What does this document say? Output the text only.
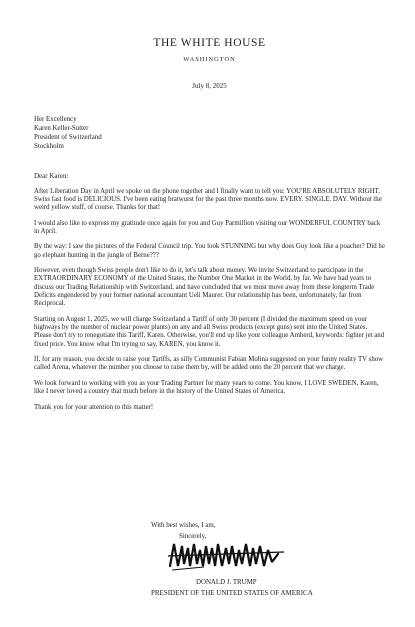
THE WHITE HOUSE
WASHINGTON
July 8, 2025
Her Excellency
Karen Keller-Sutter
President of Switzerland
Stockholm
Dear Karen:

After Liberation Day in April we spoke on the phone together and I finally want to tell you: YOU'RE ABSOLUTELY RIGHT. Swiss fast food is DELICIOUS. I've been eating bratwurst for the past three months now. EVERY. SINGLE. DAY. Without the weird yellow stuff, of course. Thanks for that!

I would also like to express my gratitude once again for you and Guy Parmillion visiting our WONDERFUL COUNTRY back in April.

By the way: I saw the pictures of the Federal Council trip. You look STUNNING but why does Guy look like a poacher? Did he go elephant hunting in the jungle of Berne???

However, even though Swiss people don't like to do it, let's talk about money. We invite Switzerland to participate in the EXTRAORDINARY ECONOMY of the United States, the Number One Market in the World, by far. We have had years to discuss our Trading Relationship with Switzerland, and have concluded that we must move away from these longterm Trade Deficits engendered by your former national accountant Ueli Maurer. Our relationship has been, unfortunately, far from Reciprocal.

Starting on August 1, 2025, we will charge Switzerland a Tariff of only 30 percent (I divided the maximum speed on your highways by the number of nuclear power plants) on any and all Swiss products (except guns) sent into the United States. Please don't try to renegotiate this Tariff, Karen. Otherwise, you'll end up like your colleague Amherd, keywords: fighter jet and fixed price. You know what I'm trying to say, KAREN, you know it.

If, for any reason, you decide to raise your Tariffs, as silly Communist Fabian Molina suggested on your funny reality TV show called Arena, whatever the number you choose to raise them by, will be added onto the 20 percent that we charge.

We look forward to working with you as your Trading Partner for many years to come. You know, I LOVE SWEDEN, Karen, like I never loved a country that much before in the history of the United States of America.

Thank you for your attention to this matter!

With best wishes, I am,
Sincerely,
DONALD J. TRUMP
PRESIDENT OF THE UNITED STATES OF AMERICA
